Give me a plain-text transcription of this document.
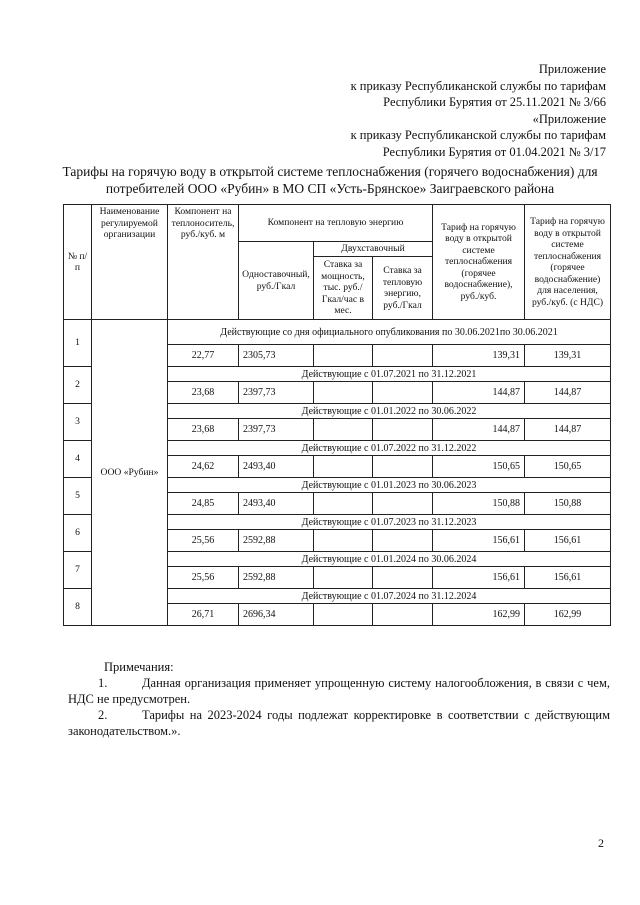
Приложение
к приказу Республиканской службы по тарифам
Республики Бурятия от 25.11.2021 № 3/66
«Приложение
к приказу Республиканской службы по тарифам
Республики Бурятия от 01.04.2021 № 3/17
Тарифы на горячую воду в открытой системе теплоснабжения (горячего водоснабжения) для
потребителей ООО «Рубин» в МО СП «Усть-Брянское» Заиграевского района
№ п/п	Наименование регулируемой организации	Компонент на теплоноситель, руб./куб. м	Компонент на тепловую энергию			Тариф на горячую воду в открытой системе теплоснабжения (горячее водоснабжение), руб./куб.	Тариф на горячую воду в открытой системе теплоснабжения (горячее водоснабжение) для населения, руб./куб. (с НДС)
			Одноставочный, руб./Гкал	Двухставочный			
				Ставка за мощность, тыс. руб./Гкал/час в мес.	Ставка за тепловую энергию, руб./Гкал		
1	ООО «Рубин»	Действующие со дня официального опубликования по 30.06.2021по 30.06.2021					
		22,77	2305,73			139,31	139,31
2		Действующие с 01.07.2021 по 31.12.2021					
		23,68	2397,73			144,87	144,87
3		Действующие с 01.01.2022 по 30.06.2022					
		23,68	2397,73			144,87	144,87
4		Действующие с 01.07.2022 по 31.12.2022					
		24,62	2493,40			150,65	150,65
5		Действующие с 01.01.2023 по 30.06.2023					
		24,85	2493,40			150,88	150,88
6		Действующие с 01.07.2023 по 31.12.2023					
		25,56	2592,88			156,61	156,61
7		Действующие с 01.01.2024 по 30.06.2024					
		25,56	2592,88			156,61	156,61
8		Действующие с 01.07.2024 по 31.12.2024					
		26,71	2696,34			162,99	162,99
Примечания:
1.	Данная организация применяет упрощенную систему налогообложения, в связи с чем, НДС не предусмотрен.
2.	Тарифы на 2023-2024 годы подлежат корректировке в соответствии с действующим законодательством.».
2
